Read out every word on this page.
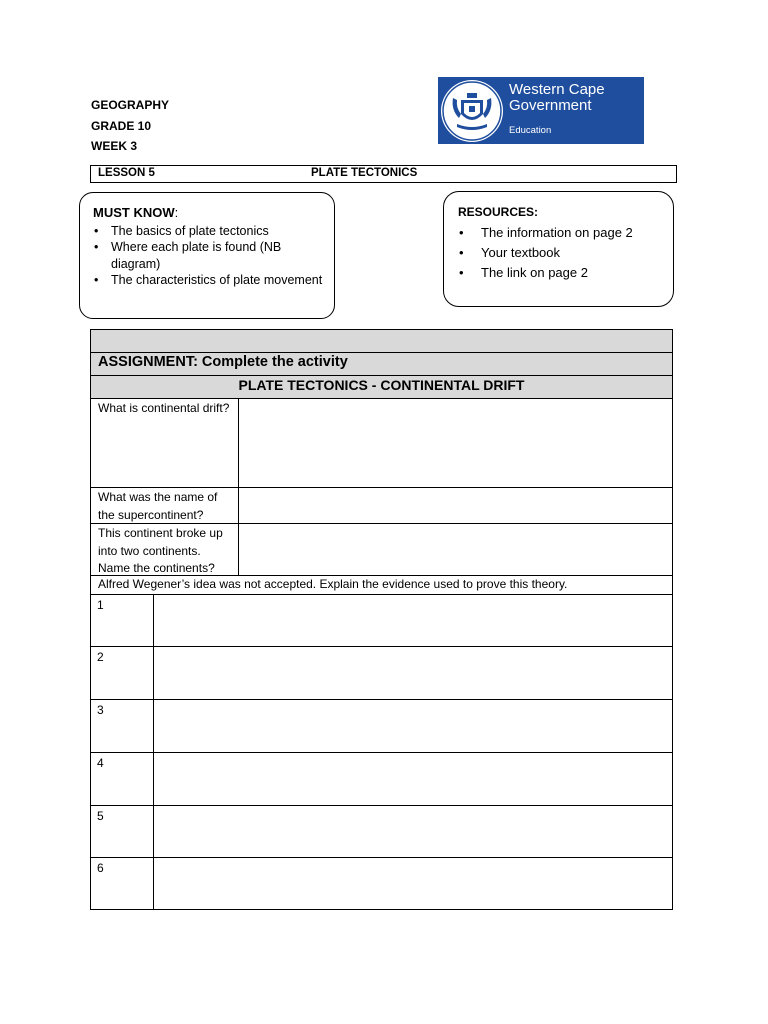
GEOGRAPHY
GRADE 10
WEEK 3
Western Cape
Government
Education
LESSON 5	PLATE TECTONICS
MUST KNOW:
• The basics of plate tectonics
• Where each plate is found (NB diagram)
• The characteristics of plate movement
RESOURCES:
• The information on page 2
• Your textbook
• The link on page 2
ASSIGNMENT: Complete the activity
PLATE TECTONICS - CONTINENTAL DRIFT
What is continental drift?
What was the name of the supercontinent?
This continent broke up into two continents. Name the continents?
Alfred Wegener’s idea was not accepted. Explain the evidence used to prove this theory.
1
2
3
4
5
6
